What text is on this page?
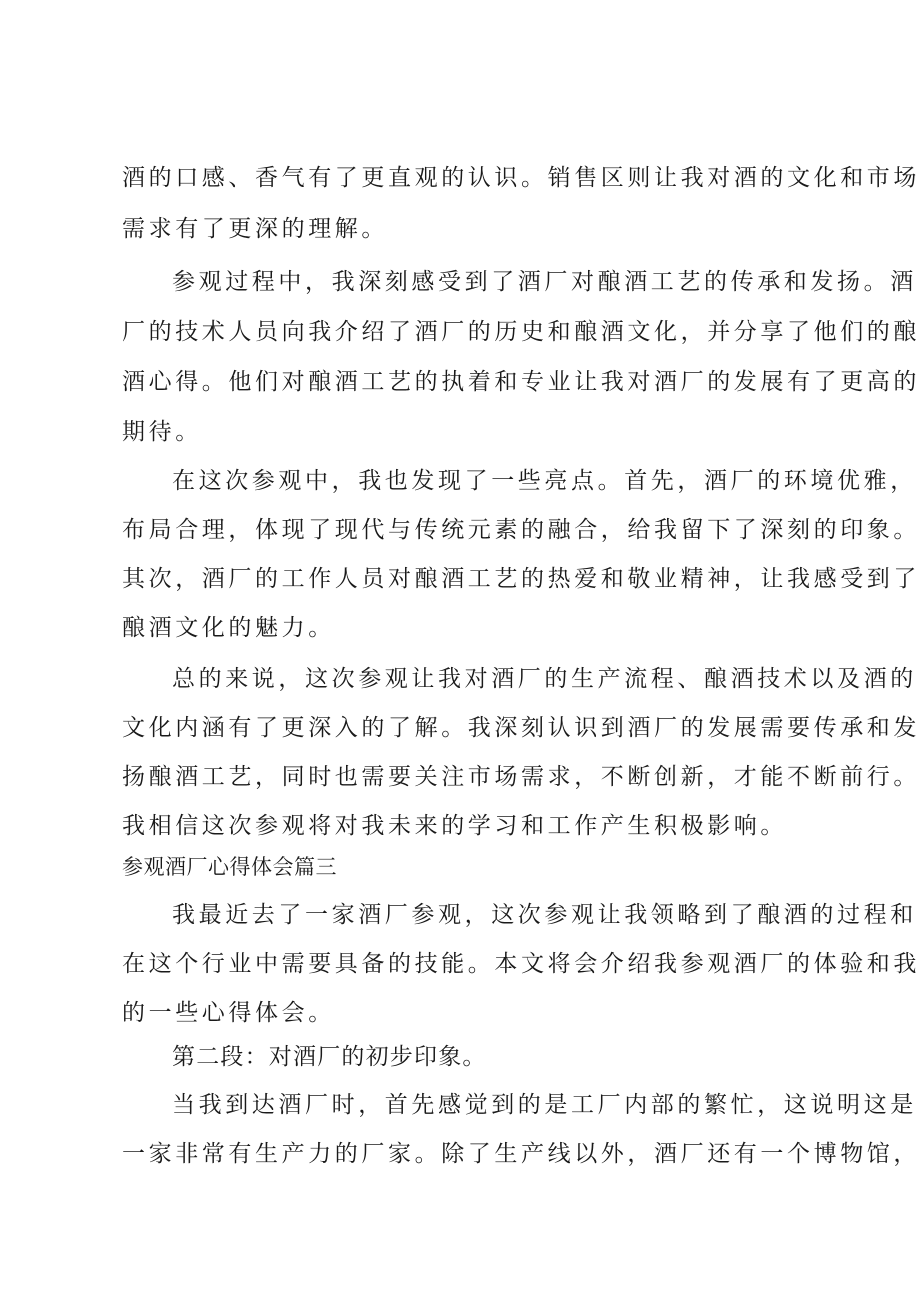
酒的口感、香气有了更直观的认识。销售区则让我对酒的文化和市场
需求有了更深的理解。
参观过程中，我深刻感受到了酒厂对酿酒工艺的传承和发扬。酒
厂的技术人员向我介绍了酒厂的历史和酿酒文化，并分享了他们的酿
酒心得。他们对酿酒工艺的执着和专业让我对酒厂的发展有了更高的
期待。
在这次参观中，我也发现了一些亮点。首先，酒厂的环境优雅，
布局合理，体现了现代与传统元素的融合，给我留下了深刻的印象。
其次，酒厂的工作人员对酿酒工艺的热爱和敬业精神，让我感受到了
酿酒文化的魅力。
总的来说，这次参观让我对酒厂的生产流程、酿酒技术以及酒的
文化内涵有了更深入的了解。我深刻认识到酒厂的发展需要传承和发
扬酿酒工艺，同时也需要关注市场需求，不断创新，才能不断前行。
我相信这次参观将对我未来的学习和工作产生积极影响。
参观酒厂心得体会篇三
我最近去了一家酒厂参观，这次参观让我领略到了酿酒的过程和
在这个行业中需要具备的技能。本文将会介绍我参观酒厂的体验和我
的一些心得体会。
第二段：对酒厂的初步印象。
当我到达酒厂时，首先感觉到的是工厂内部的繁忙，这说明这是
一家非常有生产力的厂家。除了生产线以外，酒厂还有一个博物馆，
